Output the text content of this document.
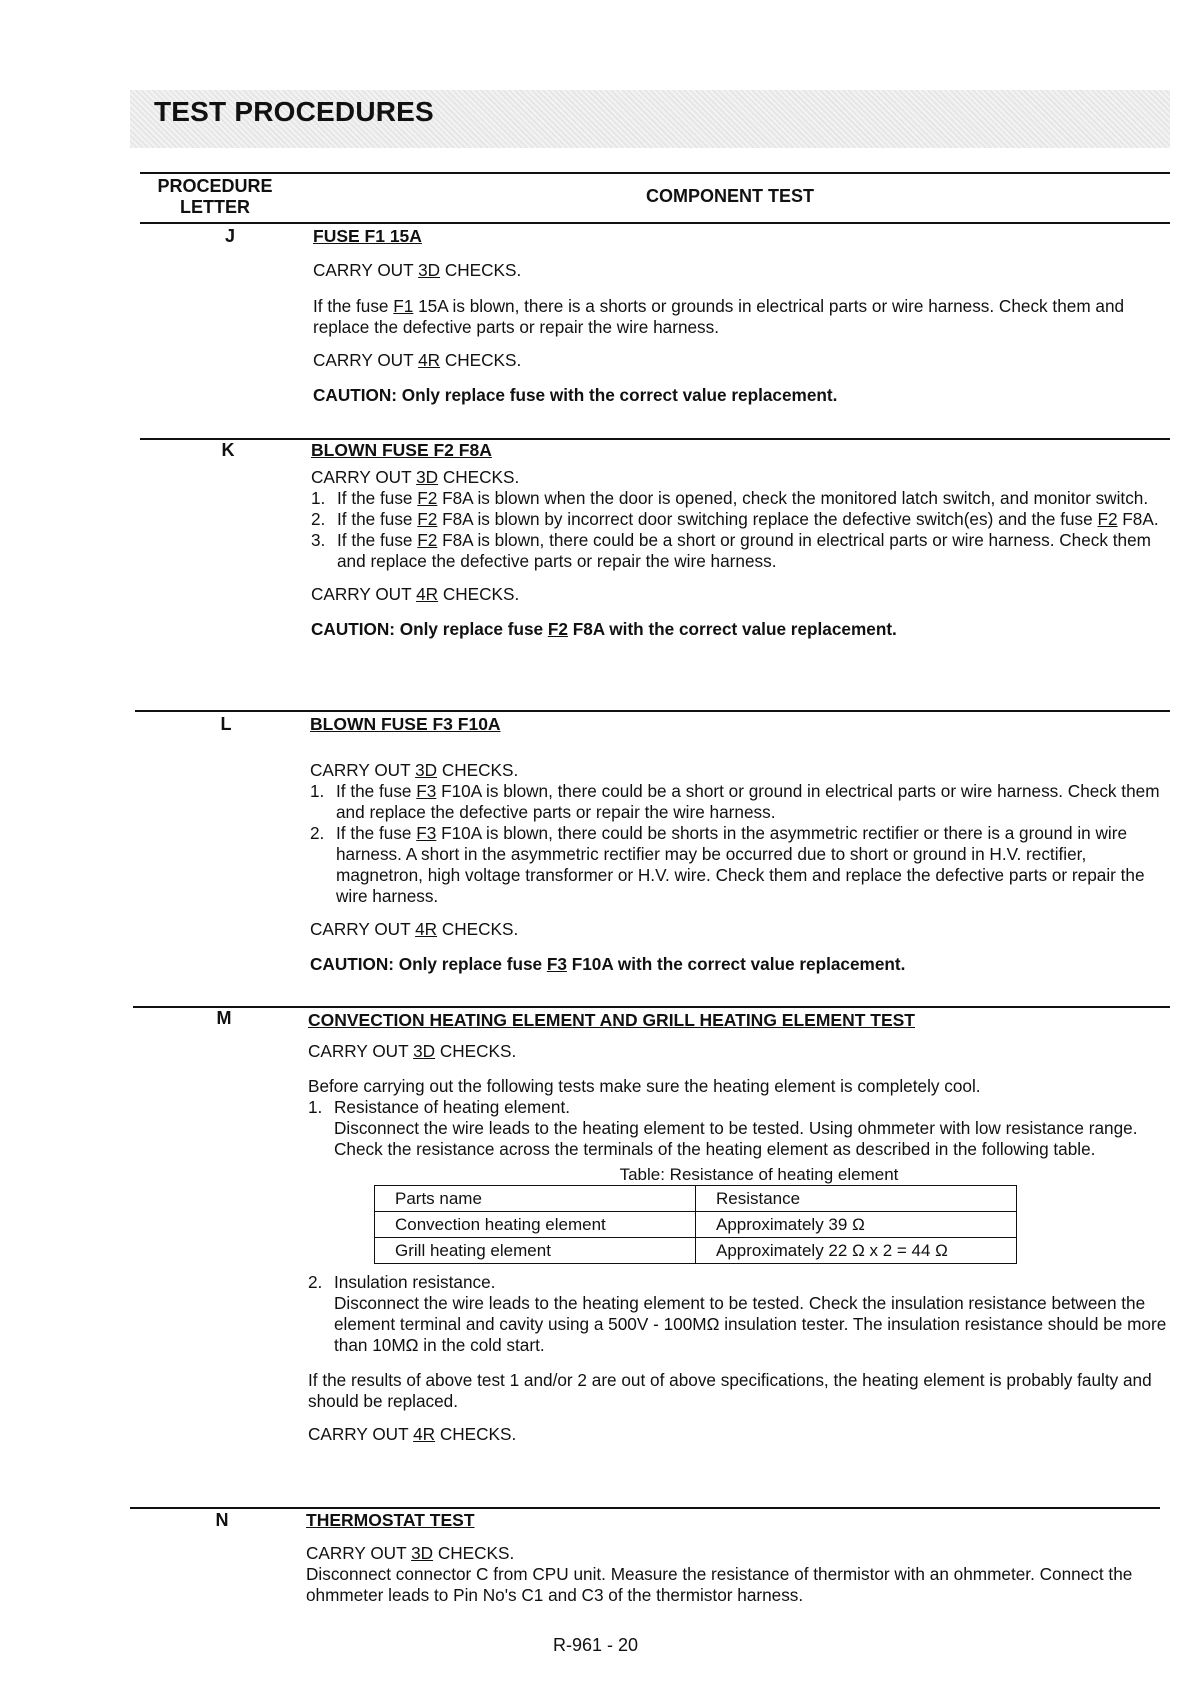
TEST PROCEDURES
PROCEDURE LETTER
COMPONENT TEST
J	FUSE F1 15A

CARRY OUT 3D CHECKS.

If the fuse F1 15A is blown, there is a shorts or grounds in electrical parts or wire harness. Check them and replace the defective parts or repair the wire harness.

CARRY OUT 4R CHECKS.

CAUTION: Only replace fuse with the correct value replacement.

K	BLOWN FUSE F2 F8A

CARRY OUT 3D CHECKS.

1. If the fuse F2 F8A is blown when the door is opened, check the monitored latch switch, and monitor switch.
2. If the fuse F2 F8A is blown by incorrect door switching replace the defective switch(es) and the fuse F2 F8A.
3. If the fuse F2 F8A is blown, there could be a short or ground in electrical parts or wire harness. Check them and replace the defective parts or repair the wire harness.

CARRY OUT 4R CHECKS.

CAUTION: Only replace fuse F2 F8A with the correct value replacement.

L	BLOWN FUSE F3 F10A

CARRY OUT 3D CHECKS.

1. If the fuse F3 F10A is blown, there could be a short or ground in electrical parts or wire harness. Check them and replace the defective parts or repair the wire harness.
2. If the fuse F3 F10A is blown, there could be shorts in the asymmetric rectifier or there is a ground in wire harness. A short in the asymmetric rectifier may be occurred due to short or ground in H.V. rectifier, magnetron, high voltage transformer or H.V. wire. Check them and replace the defective parts or repair the wire harness.

CARRY OUT 4R CHECKS.

CAUTION: Only replace fuse F3 F10A with the correct value replacement.

M	CONVECTION HEATING ELEMENT AND GRILL HEATING ELEMENT TEST

CARRY OUT 3D CHECKS.

Before carrying out the following tests make sure the heating element is completely cool.

1. Resistance of heating element.
Disconnect the wire leads to the heating element to be tested. Using ohmmeter with low resistance range. Check the resistance across the terminals of the heating element as described in the following table.
Table: Resistance of heating element
Parts name	Resistance
Convection heating element	Approximately 39 Ω
Grill heating element	Approximately 22 Ω x 2 = 44 Ω
2. Insulation resistance.
Disconnect the wire leads to the heating element to be tested. Check the insulation resistance between the element terminal and cavity using a 500V - 100MΩ insulation tester. The insulation resistance should be more than 10MΩ in the cold start.

If the results of above test 1 and/or 2 are out of above specifications, the heating element is probably faulty and should be replaced.

CARRY OUT 4R CHECKS.

N	THERMOSTAT TEST

CARRY OUT 3D CHECKS.

Disconnect connector C from CPU unit. Measure the resistance of thermistor with an ohmmeter. Connect the ohmmeter leads to Pin No's C1 and C3 of the thermistor harness.

R-961 - 20
